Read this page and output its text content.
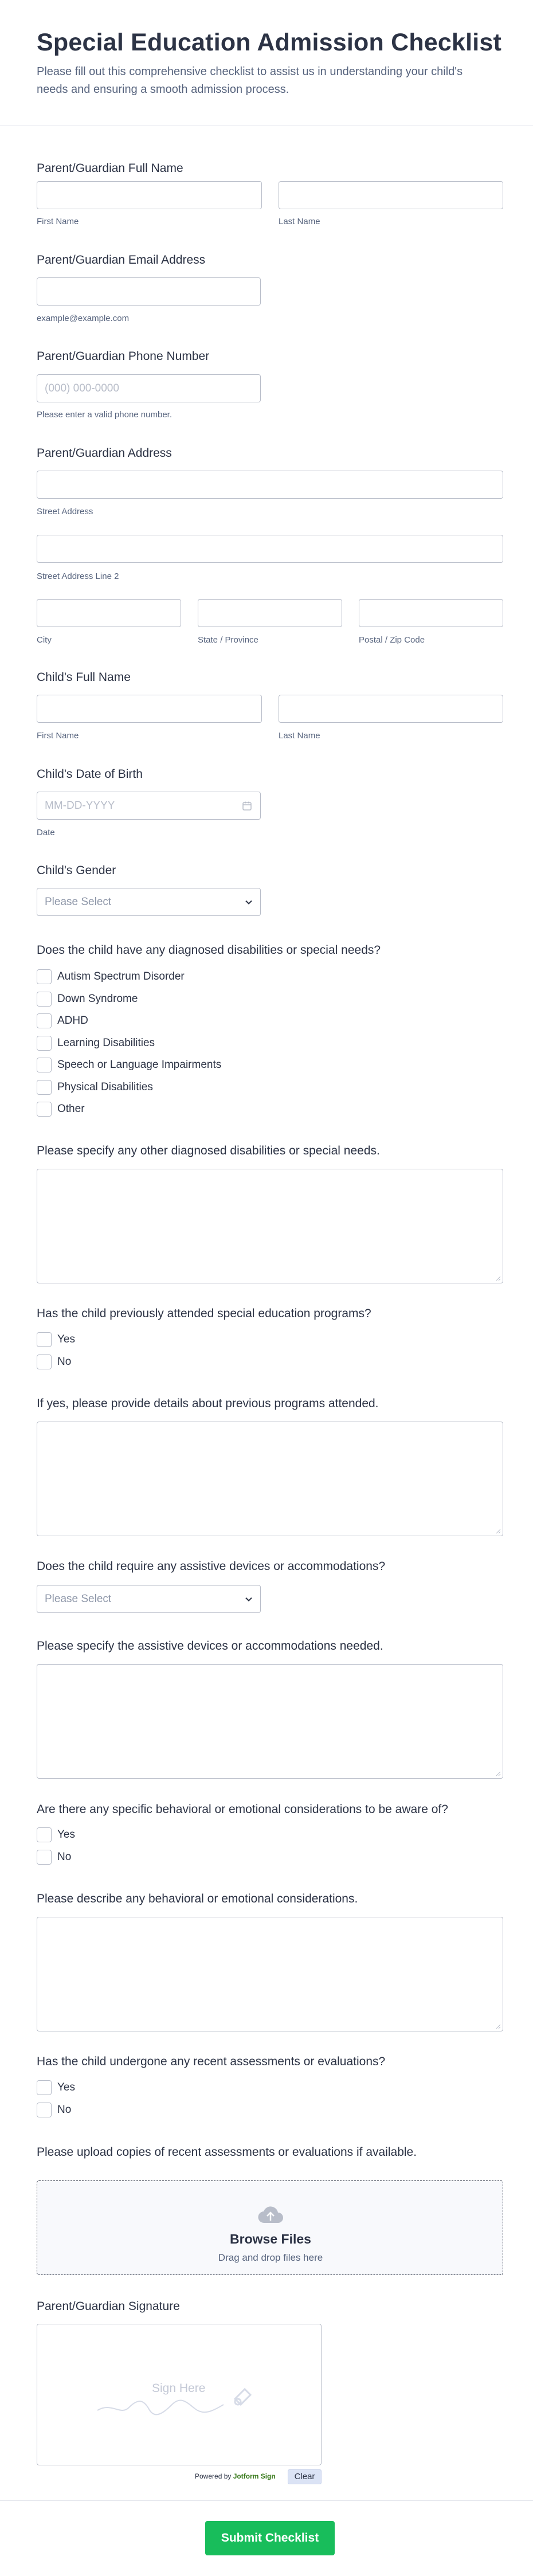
Special Education Admission Checklist

Please fill out this comprehensive checklist to assist us in understanding your child's needs and ensuring a smooth admission process.

Parent/Guardian Full Name
First Name	Last Name
Parent/Guardian Email Address
example@example.com
Parent/Guardian Phone Number
(000) 000-0000
Please enter a valid phone number.
Parent/Guardian Address
Street Address
Street Address Line 2
City	State / Province	Postal / Zip Code
Child's Full Name
First Name	Last Name
Child's Date of Birth
MM-DD-YYYY
Date
Child's Gender
Please Select
Does the child have any diagnosed disabilities or special needs?
Autism Spectrum Disorder
Down Syndrome
ADHD
Learning Disabilities
Speech or Language Impairments
Physical Disabilities
Other
Please specify any other diagnosed disabilities or special needs.
Has the child previously attended special education programs?
Yes
No
If yes, please provide details about previous programs attended.
Does the child require any assistive devices or accommodations?
Please Select
Please specify the assistive devices or accommodations needed.
Are there any specific behavioral or emotional considerations to be aware of?
Yes
No
Please describe any behavioral or emotional considerations.
Has the child undergone any recent assessments or evaluations?
Yes
No
Please upload copies of recent assessments or evaluations if available.
Browse Files
Drag and drop files here
Parent/Guardian Signature
Sign Here
Powered by Jotform Sign	Clear
Submit Checklist
